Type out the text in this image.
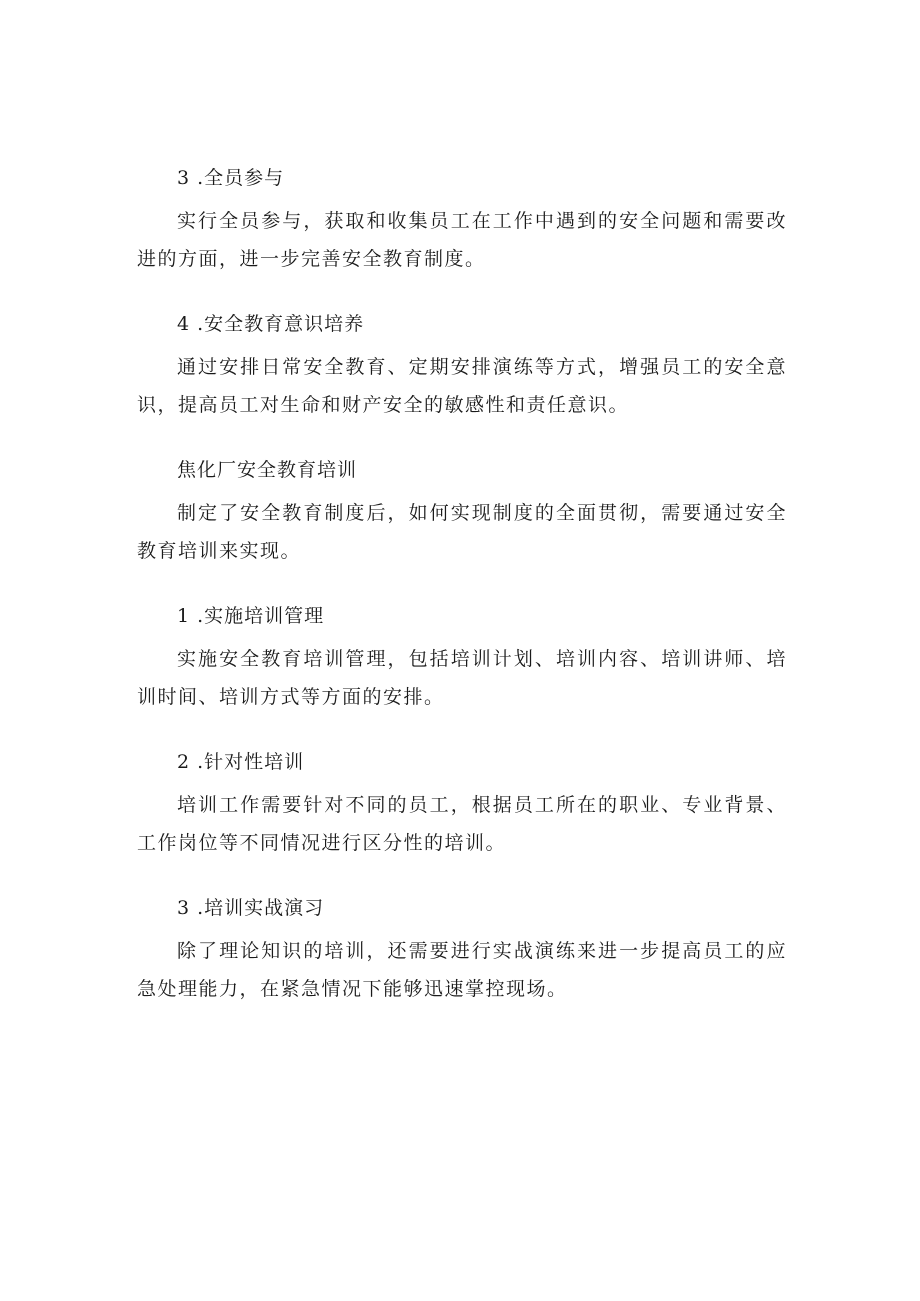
3 .全员参与

实行全员参与，获取和收集员工在工作中遇到的安全问题和需要改进的方面，进一步完善安全教育制度。

4 .安全教育意识培养

通过安排日常安全教育、定期安排演练等方式，增强员工的安全意识，提高员工对生命和财产安全的敏感性和责任意识。

焦化厂安全教育培训

制定了安全教育制度后，如何实现制度的全面贯彻，需要通过安全教育培训来实现。

1 .实施培训管理

实施安全教育培训管理，包括培训计划、培训内容、培训讲师、培训时间、培训方式等方面的安排。

2 .针对性培训

培训工作需要针对不同的员工，根据员工所在的职业、专业背景、工作岗位等不同情况进行区分性的培训。

3 .培训实战演习

除了理论知识的培训，还需要进行实战演练来进一步提高员工的应急处理能力，在紧急情况下能够迅速掌控现场。
